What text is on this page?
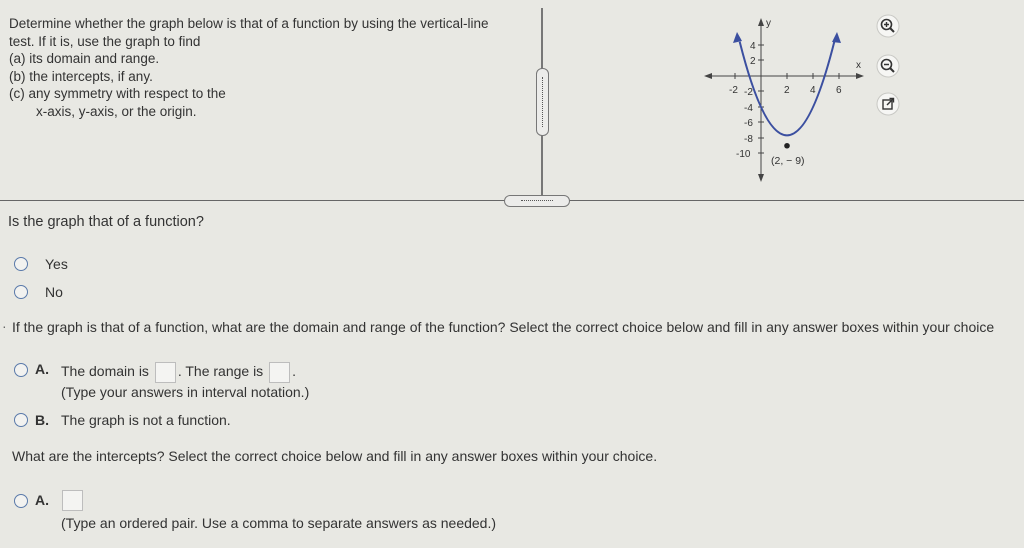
Determine whether the graph below is that of a function by using the vertical-line
test. If it is, use the graph to find
(a) its domain and range.
(b) the intercepts, if any.
(c) any symmetry with respect to the
x-axis, y-axis, or the origin.
y
x
-2	2 4 6
4
2
-2
-4
-6
-8
-10
(2, − 9)
Is the graph that of a function?
Yes
No
· If the graph is that of a function, what are the domain and range of the function? Select the correct choice below and fill in any answer boxes within your choice
A. The domain is . The range is .
(Type your answers in interval notation.)
B. The graph is not a function.
What are the intercepts? Select the correct choice below and fill in any answer boxes within your choice.
A.
(Type an ordered pair. Use a comma to separate answers as needed.)
